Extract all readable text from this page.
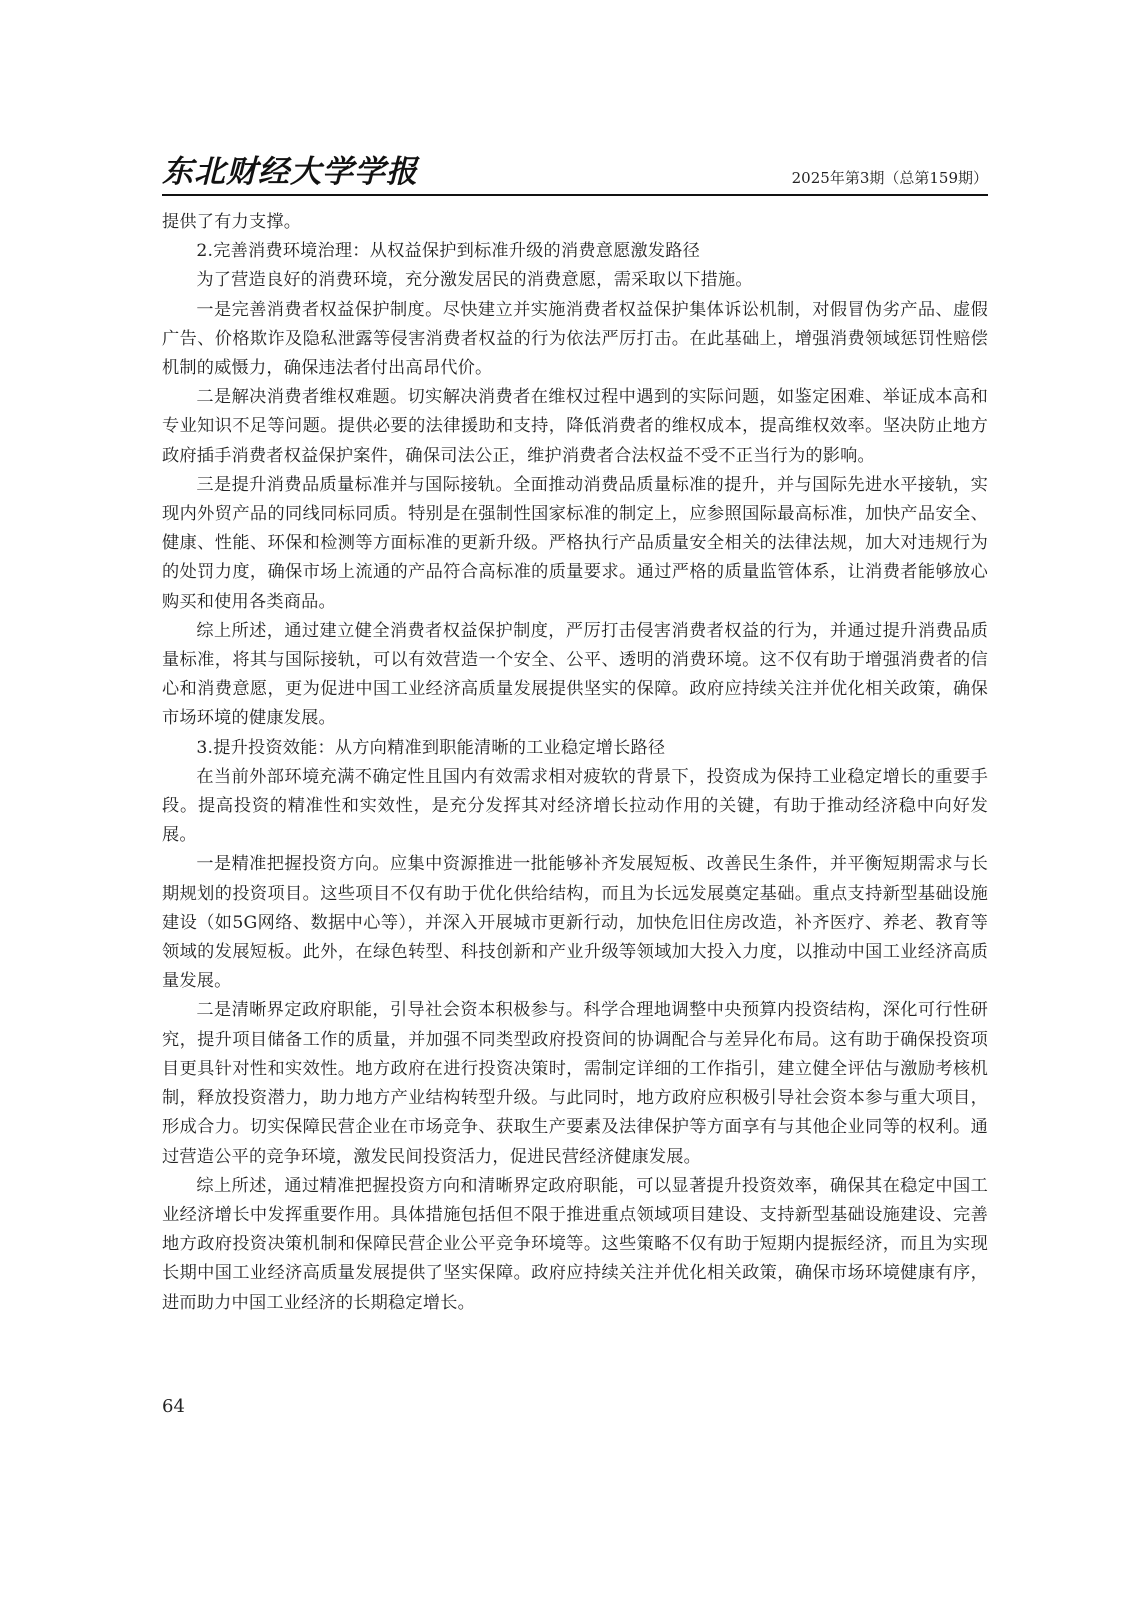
东北财经大学学报	2025年第3期（总第159期）

提供了有力支撑。

2.完善消费环境治理：从权益保护到标准升级的消费意愿激发路径

为了营造良好的消费环境，充分激发居民的消费意愿，需采取以下措施。

一是完善消费者权益保护制度。尽快建立并实施消费者权益保护集体诉讼机制，对假冒伪劣产品、虚假广告、价格欺诈及隐私泄露等侵害消费者权益的行为依法严厉打击。在此基础上，增强消费领域惩罚性赔偿机制的威慑力，确保违法者付出高昂代价。

二是解决消费者维权难题。切实解决消费者在维权过程中遇到的实际问题，如鉴定困难、举证成本高和专业知识不足等问题。提供必要的法律援助和支持，降低消费者的维权成本，提高维权效率。坚决防止地方政府插手消费者权益保护案件，确保司法公正，维护消费者合法权益不受不正当行为的影响。

三是提升消费品质量标准并与国际接轨。全面推动消费品质量标准的提升，并与国际先进水平接轨，实现内外贸产品的同线同标同质。特别是在强制性国家标准的制定上，应参照国际最高标准，加快产品安全、健康、性能、环保和检测等方面标准的更新升级。严格执行产品质量安全相关的法律法规，加大对违规行为的处罚力度，确保市场上流通的产品符合高标准的质量要求。通过严格的质量监管体系，让消费者能够放心购买和使用各类商品。

综上所述，通过建立健全消费者权益保护制度，严厉打击侵害消费者权益的行为，并通过提升消费品质量标准，将其与国际接轨，可以有效营造一个安全、公平、透明的消费环境。这不仅有助于增强消费者的信心和消费意愿，更为促进中国工业经济高质量发展提供坚实的保障。政府应持续关注并优化相关政策，确保市场环境的健康发展。

3.提升投资效能：从方向精准到职能清晰的工业稳定增长路径

在当前外部环境充满不确定性且国内有效需求相对疲软的背景下，投资成为保持工业稳定增长的重要手段。提高投资的精准性和实效性，是充分发挥其对经济增长拉动作用的关键，有助于推动经济稳中向好发展。

一是精准把握投资方向。应集中资源推进一批能够补齐发展短板、改善民生条件，并平衡短期需求与长期规划的投资项目。这些项目不仅有助于优化供给结构，而且为长远发展奠定基础。重点支持新型基础设施建设（如5G网络、数据中心等），并深入开展城市更新行动，加快危旧住房改造，补齐医疗、养老、教育等领域的发展短板。此外，在绿色转型、科技创新和产业升级等领域加大投入力度，以推动中国工业经济高质量发展。

二是清晰界定政府职能，引导社会资本积极参与。科学合理地调整中央预算内投资结构，深化可行性研究，提升项目储备工作的质量，并加强不同类型政府投资间的协调配合与差异化布局。这有助于确保投资项目更具针对性和实效性。地方政府在进行投资决策时，需制定详细的工作指引，建立健全评估与激励考核机制，释放投资潜力，助力地方产业结构转型升级。与此同时，地方政府应积极引导社会资本参与重大项目，形成合力。切实保障民营企业在市场竞争、获取生产要素及法律保护等方面享有与其他企业同等的权利。通过营造公平的竞争环境，激发民间投资活力，促进民营经济健康发展。

综上所述，通过精准把握投资方向和清晰界定政府职能，可以显著提升投资效率，确保其在稳定中国工业经济增长中发挥重要作用。具体措施包括但不限于推进重点领域项目建设、支持新型基础设施建设、完善地方政府投资决策机制和保障民营企业公平竞争环境等。这些策略不仅有助于短期内提振经济，而且为实现长期中国工业经济高质量发展提供了坚实保障。政府应持续关注并优化相关政策，确保市场环境健康有序，进而助力中国工业经济的长期稳定增长。

64
